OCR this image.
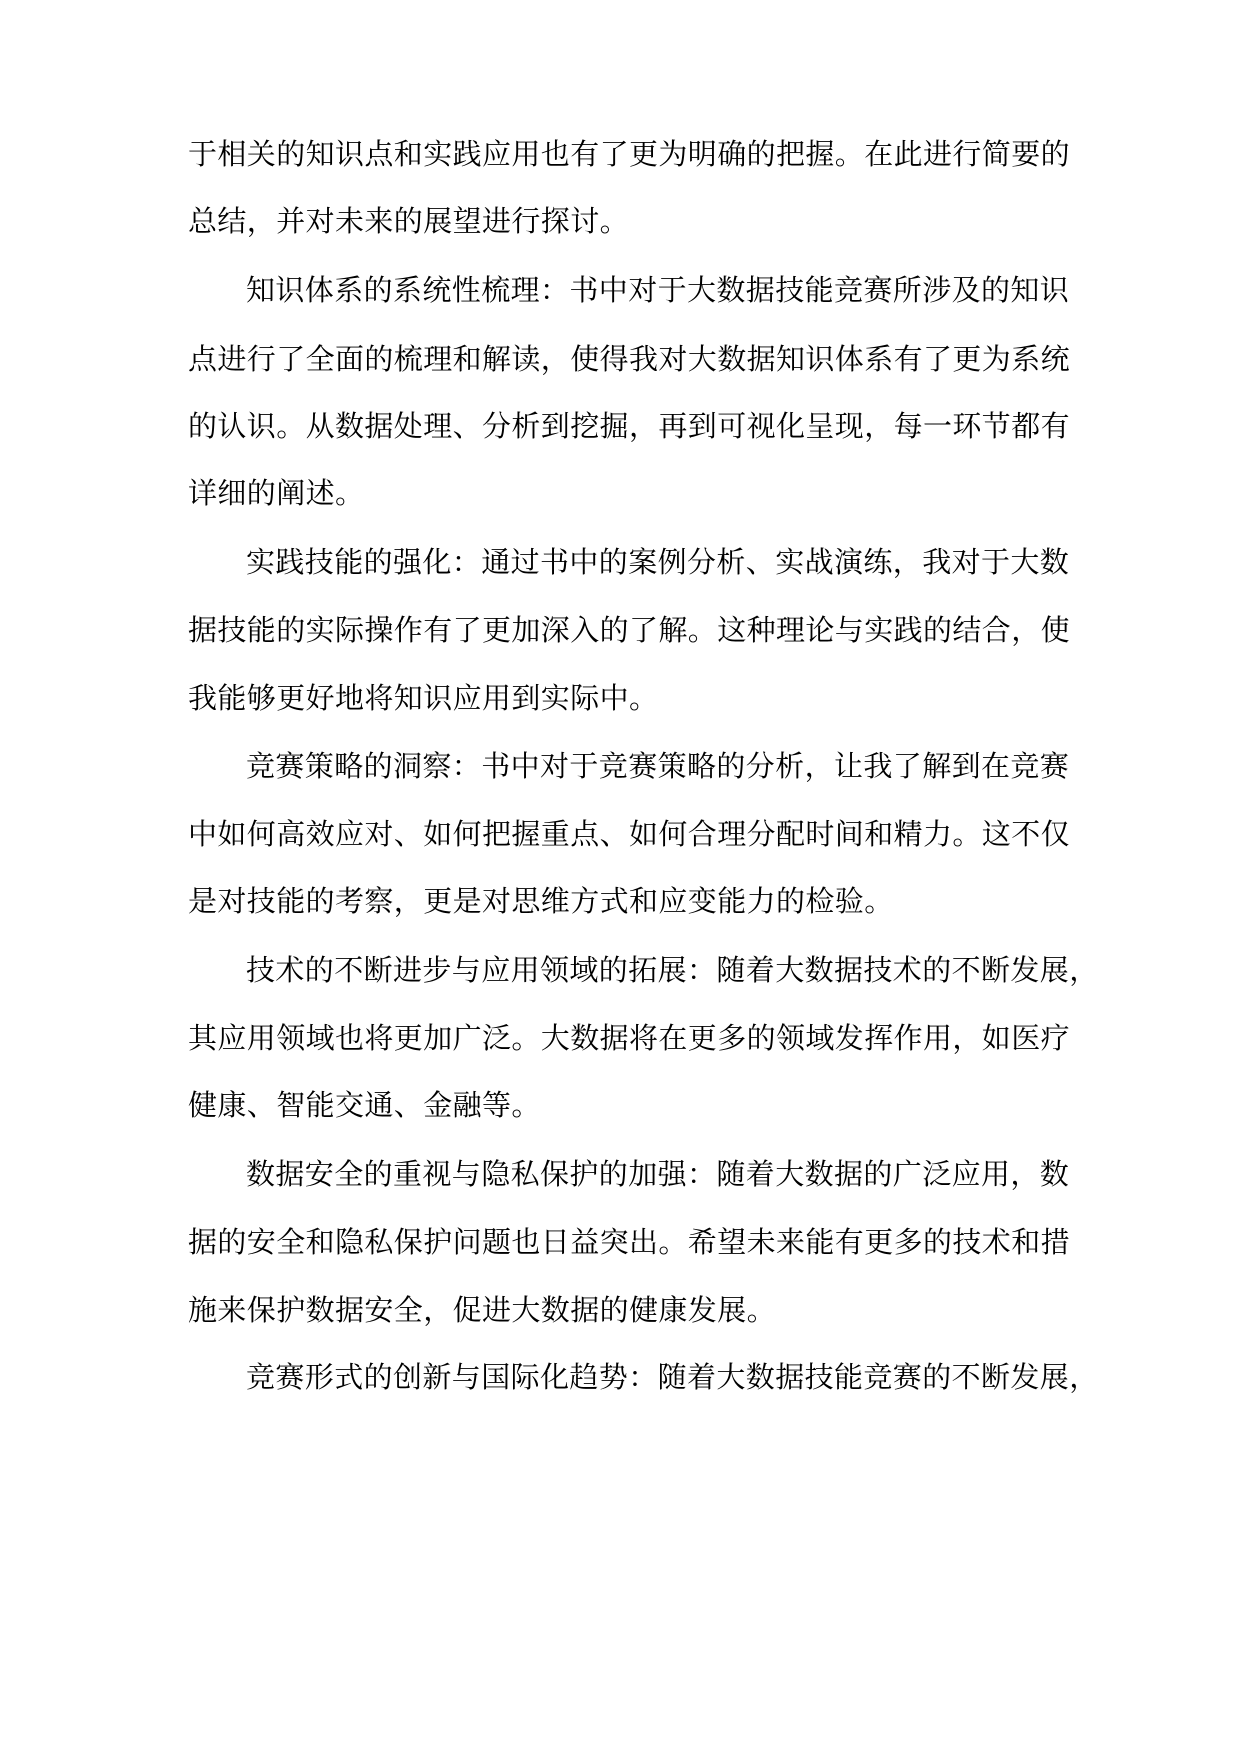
于相关的知识点和实践应用也有了更为明确的把握。在此进行简要的
总结，并对未来的展望进行探讨。
知识体系的系统性梳理：书中对于大数据技能竞赛所涉及的知识
点进行了全面的梳理和解读，使得我对大数据知识体系有了更为系统
的认识。从数据处理、分析到挖掘，再到可视化呈现，每一环节都有
详细的阐述。
实践技能的强化：通过书中的案例分析、实战演练，我对于大数
据技能的实际操作有了更加深入的了解。这种理论与实践的结合，使
我能够更好地将知识应用到实际中。
竞赛策略的洞察：书中对于竞赛策略的分析，让我了解到在竞赛
中如何高效应对、如何把握重点、如何合理分配时间和精力。这不仅
是对技能的考察，更是对思维方式和应变能力的检验。
技术的不断进步与应用领域的拓展：随着大数据技术的不断发展，
其应用领域也将更加广泛。大数据将在更多的领域发挥作用，如医疗
健康、智能交通、金融等。
数据安全的重视与隐私保护的加强：随着大数据的广泛应用，数
据的安全和隐私保护问题也日益突出。希望未来能有更多的技术和措
施来保护数据安全，促进大数据的健康发展。
竞赛形式的创新与国际化趋势：随着大数据技能竞赛的不断发展，
